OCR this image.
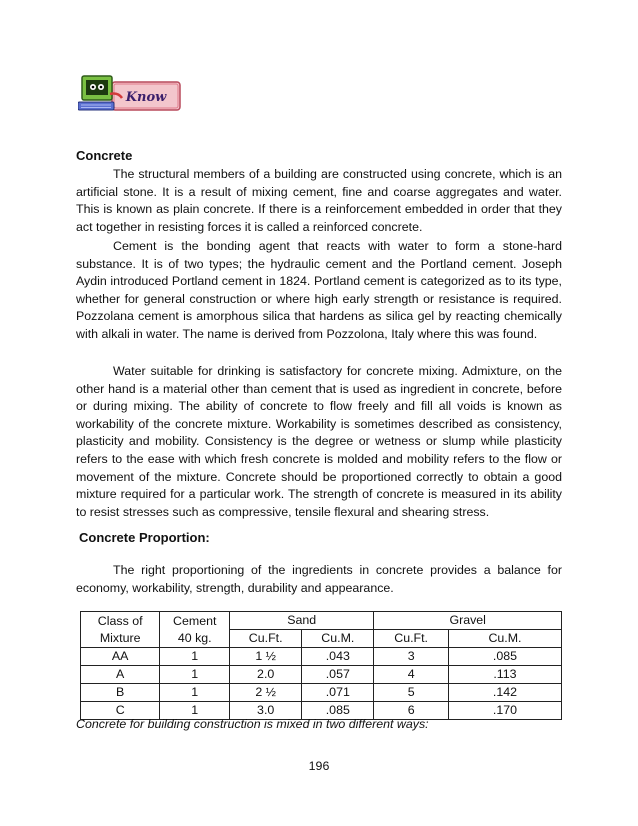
Know

Concrete

The structural members of a building are constructed using concrete, which is an artificial stone. It is a result of mixing cement, fine and coarse aggregates and water. This is known as plain concrete. If there is a reinforcement embedded in order that they act together in resisting forces it is called a reinforced concrete.

Cement is the bonding agent that reacts with water to form a stone-hard substance. It is of two types; the hydraulic cement and the Portland cement. Joseph Aydin introduced Portland cement in 1824. Portland cement is categorized as to its type, whether for general construction or where high early strength or resistance is required. Pozzolana cement is amorphous silica that hardens as silica gel by reacting chemically with alkali in water. The name is derived from Pozzolona, Italy where this was found.

Water suitable for drinking is satisfactory for concrete mixing. Admixture, on the other hand is a material other than cement that is used as ingredient in concrete, before or during mixing. The ability of concrete to flow freely and fill all voids is known as workability of the concrete mixture. Workability is sometimes described as consistency, plasticity and mobility. Consistency is the degree or wetness or slump while plasticity refers to the ease with which fresh concrete is molded and mobility refers to the flow or movement of the mixture. Concrete should be proportioned correctly to obtain a good mixture required for a particular work. The strength of concrete is measured in its ability to resist stresses such as compressive, tensile flexural and shearing stress.

Concrete Proportion:

The right proportioning of the ingredients in concrete provides a balance for economy, workability, strength, durability and appearance.

Class of	Cement	Sand		Gravel	
Mixture	40 kg.	Cu.Ft.	Cu.M.	Cu.Ft.	Cu.M.
AA	1	1 ½	.043	3	.085
A	1	2.0	.057	4	.113
B	1	2 ½	.071	5	.142
C	1	3.0	.085	6	.170

Concrete for building construction is mixed in two different ways:

196
